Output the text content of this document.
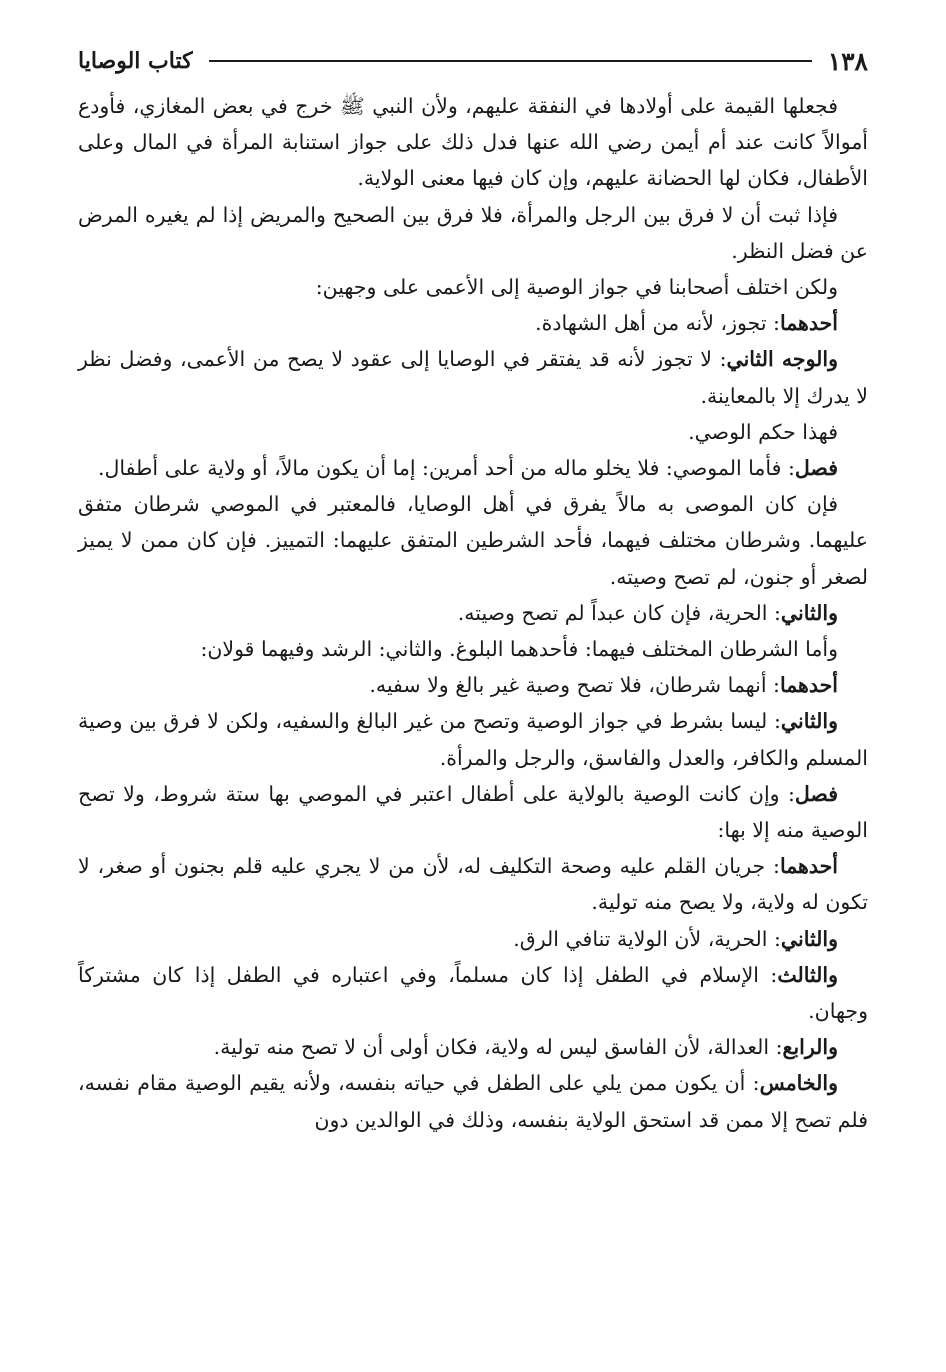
١٣٨
كتاب الوصايا

فجعلها القيمة على أولادها في النفقة عليهم، ولأن النبي ﷺ خرج في بعض المغازي، فأودع أموالاً كانت عند أم أيمن رضي الله عنها فدل ذلك على جواز استنابة المرأة في المال وعلى الأطفال، فكان لها الحضانة عليهم، وإن كان فيها معنى الولاية.

فإذا ثبت أن لا فرق بين الرجل والمرأة، فلا فرق بين الصحيح والمريض إذا لم يغيره المرض عن فضل النظر.

ولكن اختلف أصحابنا في جواز الوصية إلى الأعمى على وجهين:

أحدهما: تجوز، لأنه من أهل الشهادة.

والوجه الثاني: لا تجوز لأنه قد يفتقر في الوصايا إلى عقود لا يصح من الأعمى، وفضل نظر لا يدرك إلا بالمعاينة.

فهذا حكم الوصي.

فصل: فأما الموصي: فلا يخلو ماله من أحد أمرين: إما أن يكون مالاً، أو ولاية على أطفال.

فإن كان الموصى به مالاً يفرق في أهل الوصايا، فالمعتبر في الموصي شرطان متفق عليهما. وشرطان مختلف فيهما، فأحد الشرطين المتفق عليهما: التمييز. فإن كان ممن لا يميز لصغر أو جنون، لم تصح وصيته.

والثاني: الحرية، فإن كان عبداً لم تصح وصيته.

وأما الشرطان المختلف فيهما: فأحدهما البلوغ. والثاني: الرشد وفيهما قولان:

أحدهما: أنهما شرطان، فلا تصح وصية غير بالغ ولا سفيه.

والثاني: ليسا بشرط في جواز الوصية وتصح من غير البالغ والسفيه، ولكن لا فرق بين وصية المسلم والكافر، والعدل والفاسق، والرجل والمرأة.

فصل: وإن كانت الوصية بالولاية على أطفال اعتبر في الموصي بها ستة شروط، ولا تصح الوصية منه إلا بها:

أحدهما: جريان القلم عليه وصحة التكليف له، لأن من لا يجري عليه قلم بجنون أو صغر، لا تكون له ولاية، ولا يصح منه تولية.

والثاني: الحرية، لأن الولاية تنافي الرق.

والثالث: الإسلام في الطفل إذا كان مسلماً، وفي اعتباره في الطفل إذا كان مشتركاً وجهان.

والرابع: العدالة، لأن الفاسق ليس له ولاية، فكان أولى أن لا تصح منه تولية.

والخامس: أن يكون ممن يلي على الطفل في حياته بنفسه، ولأنه يقيم الوصية مقام نفسه، فلم تصح إلا ممن قد استحق الولاية بنفسه، وذلك في الوالدين دون
